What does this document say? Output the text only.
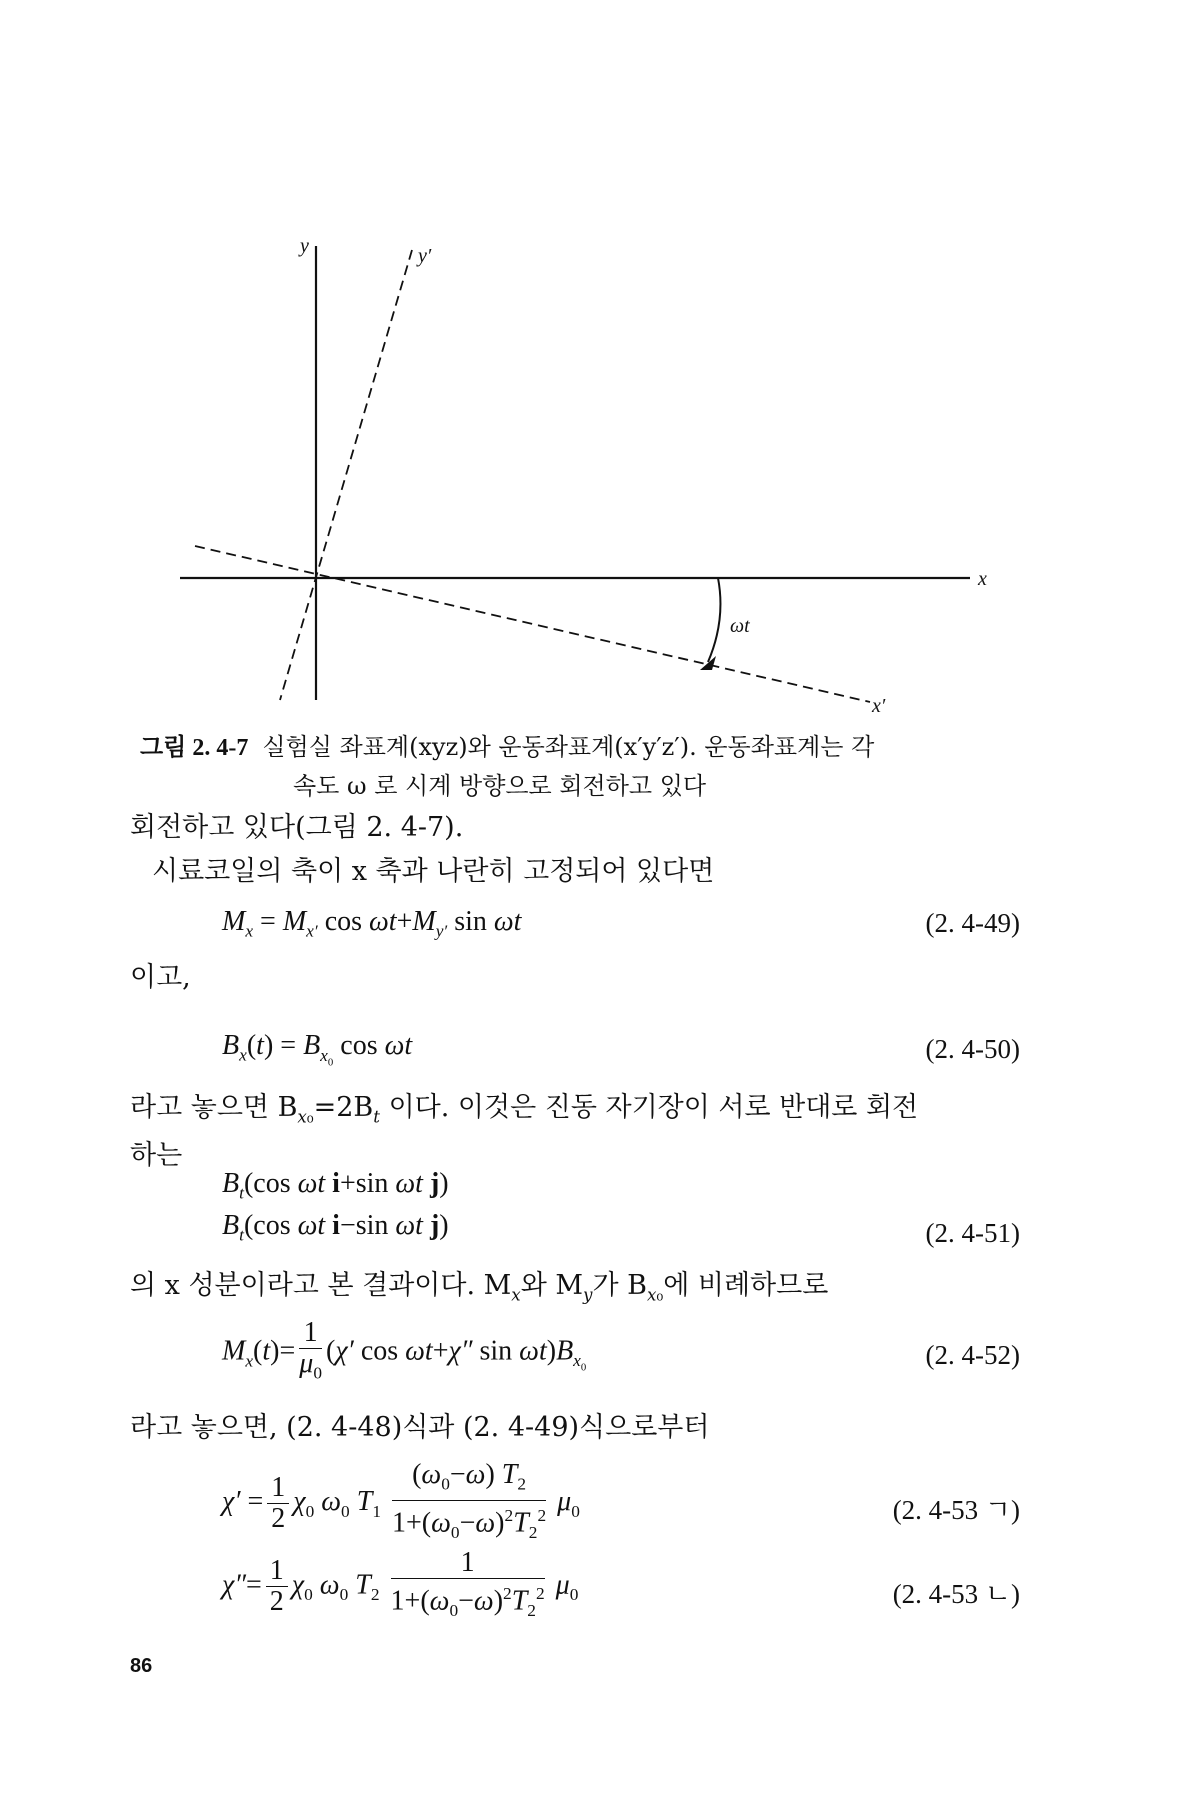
y	y′
x
x′
ωt
그림 2. 4-7 실험실 좌표계(xyz)와 운동좌표계(x′y′z′). 운동좌표계는 각
속도 ω 로 시계 방향으로 회전하고 있다
회전하고 있다(그림 2. 4-7).
시료코일의 축이 x 축과 나란히 고정되어 있다면
$M_x = M_{x'}$ $\cos \omega t+M_{y'}$ sin ωt	(2. 4-49)
이고,
$B_x(t) = B_{x_0}$ cos ωt	(2. 4-50)
라고 놓으면 $B_{x_0}=2B_t$ 이다. 이것은 진동 자기장이 서로 반대로 회전
하는
$B_t(\cos$ ωt i+sin ωt j)
$B_t(\cos$ ωt i−sin ωt j)	(2. 4-51)
의 x 성분이라고 본 결과이다. $M_x$와 $M_y$가 $B_{x_0}$에 비례하므로
$M_x(t)= \frac{1}{\mu_0} (\chi'$ cos ωt+χ″ $\sin \omega t)B_{x_0}$	(2. 4-52)
라고 놓으면, (2. 4-48)식과 (2. 4-49)식으로부터
$\chi' = \frac{1}{2} \chi_0$ $\omega_0$ $T_1 \frac{(\omega_0-\omega) T_2}{1+(\omega_0-\omega)^2T_2^2} \mu_0$	(2. 4-53 ㄱ)
$\chi''= \frac{1}{2} \chi_0$ $\omega_0$ $T_2 \frac{1}{1+(\omega_0-\omega)^2T_2^2} \mu_0$	(2. 4-53 ㄴ)
86
